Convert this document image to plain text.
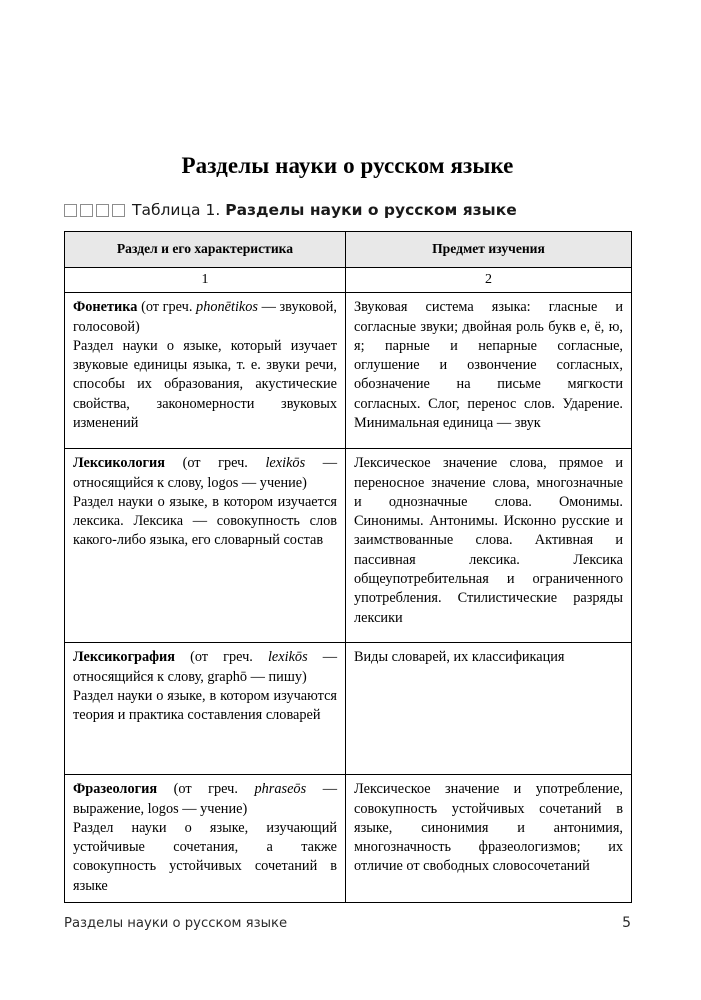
Разделы науки о русском языке
Таблица 1. Разделы науки о русском языке
Раздел и его характеристика	Предмет изучения
1	2
Фонетика (от греч. phonētikos — звуковой, голосовой)
Раздел науки о языке, который изучает звуковые единицы языка, т. е. звуки речи, способы их образования, акустические свойства, закономерности звуковых изменений	Звуковая система языка: гласные и согласные звуки; двойная роль букв е, ё, ю, я; парные и непарные согласные, оглушение и озвончение согласных, обозначение на письме мягкости согласных. Слог, перенос слов. Ударение. Минимальная единица — звук
Лексикология (от греч. lexikōs — относящийся к слову, logos — учение)
Раздел науки о языке, в котором изучается лексика. Лексика — совокупность слов какого-либо языка, его словарный состав	Лексическое значение слова, прямое и переносное значение слова, многозначные и однозначные слова. Омонимы. Синонимы. Антонимы. Исконно русские и заимствованные слова. Активная и пассивная лексика. Лексика общеупотребительная и ограниченного употребления. Стилистические разряды лексики
Лексикография (от греч. lexikōs — относящийся к слову, graphō — пишу)
Раздел науки о языке, в котором изучаются теория и практика составления словарей	Виды словарей, их классификация
Фразеология (от греч. phraseōs — выражение, logos — учение)
Раздел науки о языке, изучающий устойчивые сочетания, а также совокупность устойчивых сочетаний в языке	Лексическое значение и употребление, совокупность устойчивых сочетаний в языке, синонимия и антонимия, многозначность фразеологизмов; их отличие от свободных словосочетаний
Разделы науки о русском языке	5
